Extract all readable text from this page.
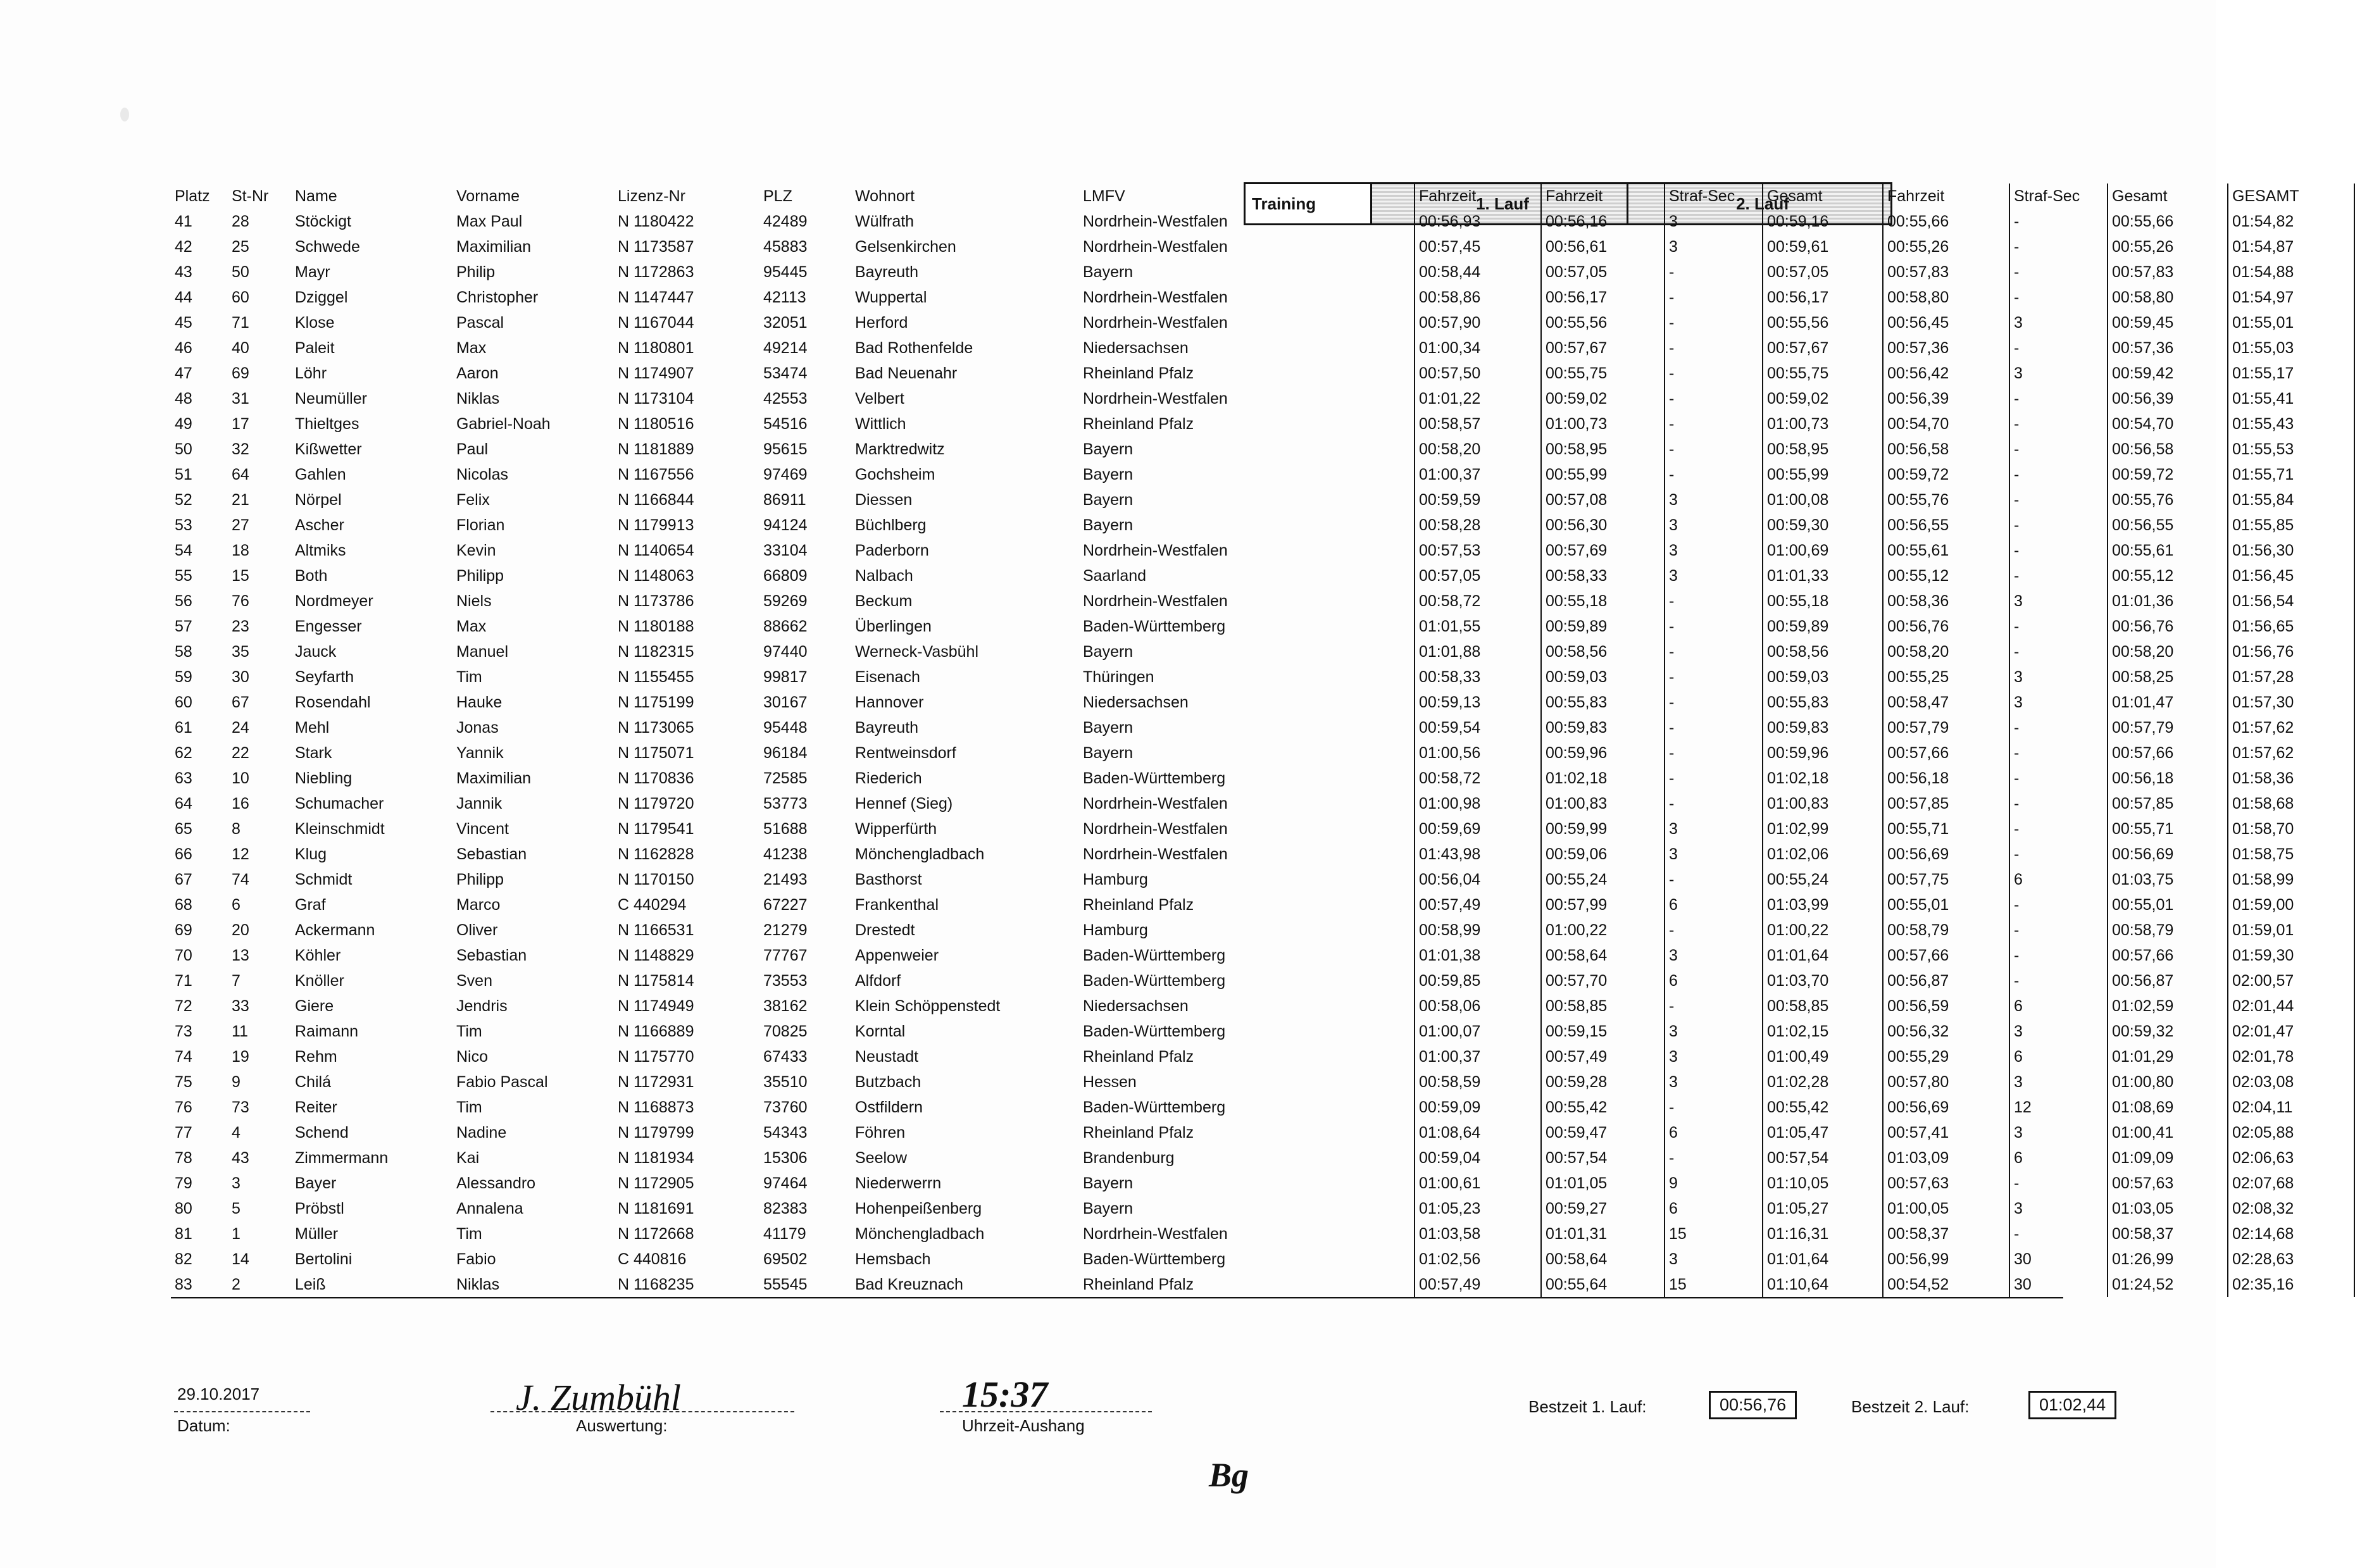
Training	1. Lauf	2. Lauf
Platz	St-Nr	Name	Vorname	Lizenz-Nr	PLZ	Wohnort	LMFV	Fahrzeit	Fahrzeit	Straf-Sec	Gesamt	Fahrzeit	Straf-Sec	Gesamt	GESAMT
41	28	Stöckigt	Max Paul	N 1180422	42489	Wülfrath	Nordrhein-Westfalen	00:56,93	00:56,16	3	00:59,16	00:55,66	-	00:55,66	01:54,82
42	25	Schwede	Maximilian	N 1173587	45883	Gelsenkirchen	Nordrhein-Westfalen	00:57,45	00:56,61	3	00:59,61	00:55,26	-	00:55,26	01:54,87
43	50	Mayr	Philip	N 1172863	95445	Bayreuth	Bayern	00:58,44	00:57,05	-	00:57,05	00:57,83	-	00:57,83	01:54,88
44	60	Dziggel	Christopher	N 1147447	42113	Wuppertal	Nordrhein-Westfalen	00:58,86	00:56,17	-	00:56,17	00:58,80	-	00:58,80	01:54,97
45	71	Klose	Pascal	N 1167044	32051	Herford	Nordrhein-Westfalen	00:57,90	00:55,56	-	00:55,56	00:56,45	3	00:59,45	01:55,01
46	40	Paleit	Max	N 1180801	49214	Bad Rothenfelde	Niedersachsen	01:00,34	00:57,67	-	00:57,67	00:57,36	-	00:57,36	01:55,03
47	69	Löhr	Aaron	N 1174907	53474	Bad Neuenahr	Rheinland Pfalz	00:57,50	00:55,75	-	00:55,75	00:56,42	3	00:59,42	01:55,17
48	31	Neumüller	Niklas	N 1173104	42553	Velbert	Nordrhein-Westfalen	01:01,22	00:59,02	-	00:59,02	00:56,39	-	00:56,39	01:55,41
49	17	Thieltges	Gabriel-Noah	N 1180516	54516	Wittlich	Rheinland Pfalz	00:58,57	01:00,73	-	01:00,73	00:54,70	-	00:54,70	01:55,43
50	32	Kißwetter	Paul	N 1181889	95615	Marktredwitz	Bayern	00:58,20	00:58,95	-	00:58,95	00:56,58	-	00:56,58	01:55,53
51	64	Gahlen	Nicolas	N 1167556	97469	Gochsheim	Bayern	01:00,37	00:55,99	-	00:55,99	00:59,72	-	00:59,72	01:55,71
52	21	Nörpel	Felix	N 1166844	86911	Diessen	Bayern	00:59,59	00:57,08	3	01:00,08	00:55,76	-	00:55,76	01:55,84
53	27	Ascher	Florian	N 1179913	94124	Büchlberg	Bayern	00:58,28	00:56,30	3	00:59,30	00:56,55	-	00:56,55	01:55,85
54	18	Altmiks	Kevin	N 1140654	33104	Paderborn	Nordrhein-Westfalen	00:57,53	00:57,69	3	01:00,69	00:55,61	-	00:55,61	01:56,30
55	15	Both	Philipp	N 1148063	66809	Nalbach	Saarland	00:57,05	00:58,33	3	01:01,33	00:55,12	-	00:55,12	01:56,45
56	76	Nordmeyer	Niels	N 1173786	59269	Beckum	Nordrhein-Westfalen	00:58,72	00:55,18	-	00:55,18	00:58,36	3	01:01,36	01:56,54
57	23	Engesser	Max	N 1180188	88662	Überlingen	Baden-Württemberg	01:01,55	00:59,89	-	00:59,89	00:56,76	-	00:56,76	01:56,65
58	35	Jauck	Manuel	N 1182315	97440	Werneck-Vasbühl	Bayern	01:01,88	00:58,56	-	00:58,56	00:58,20	-	00:58,20	01:56,76
59	30	Seyfarth	Tim	N 1155455	99817	Eisenach	Thüringen	00:58,33	00:59,03	-	00:59,03	00:55,25	3	00:58,25	01:57,28
60	67	Rosendahl	Hauke	N 1175199	30167	Hannover	Niedersachsen	00:59,13	00:55,83	-	00:55,83	00:58,47	3	01:01,47	01:57,30
61	24	Mehl	Jonas	N 1173065	95448	Bayreuth	Bayern	00:59,54	00:59,83	-	00:59,83	00:57,79	-	00:57,79	01:57,62
62	22	Stark	Yannik	N 1175071	96184	Rentweinsdorf	Bayern	01:00,56	00:59,96	-	00:59,96	00:57,66	-	00:57,66	01:57,62
63	10	Niebling	Maximilian	N 1170836	72585	Riederich	Baden-Württemberg	00:58,72	01:02,18	-	01:02,18	00:56,18	-	00:56,18	01:58,36
64	16	Schumacher	Jannik	N 1179720	53773	Hennef (Sieg)	Nordrhein-Westfalen	01:00,98	01:00,83	-	01:00,83	00:57,85	-	00:57,85	01:58,68
65	8	Kleinschmidt	Vincent	N 1179541	51688	Wipperfürth	Nordrhein-Westfalen	00:59,69	00:59,99	3	01:02,99	00:55,71	-	00:55,71	01:58,70
66	12	Klug	Sebastian	N 1162828	41238	Mönchengladbach	Nordrhein-Westfalen	01:43,98	00:59,06	3	01:02,06	00:56,69	-	00:56,69	01:58,75
67	74	Schmidt	Philipp	N 1170150	21493	Basthorst	Hamburg	00:56,04	00:55,24	-	00:55,24	00:57,75	6	01:03,75	01:58,99
68	6	Graf	Marco	C 440294	67227	Frankenthal	Rheinland Pfalz	00:57,49	00:57,99	6	01:03,99	00:55,01	-	00:55,01	01:59,00
69	20	Ackermann	Oliver	N 1166531	21279	Drestedt	Hamburg	00:58,99	01:00,22	-	01:00,22	00:58,79	-	00:58,79	01:59,01
70	13	Köhler	Sebastian	N 1148829	77767	Appenweier	Baden-Württemberg	01:01,38	00:58,64	3	01:01,64	00:57,66	-	00:57,66	01:59,30
71	7	Knöller	Sven	N 1175814	73553	Alfdorf	Baden-Württemberg	00:59,85	00:57,70	6	01:03,70	00:56,87	-	00:56,87	02:00,57
72	33	Giere	Jendris	N 1174949	38162	Klein Schöppenstedt	Niedersachsen	00:58,06	00:58,85	-	00:58,85	00:56,59	6	01:02,59	02:01,44
73	11	Raimann	Tim	N 1166889	70825	Korntal	Baden-Württemberg	01:00,07	00:59,15	3	01:02,15	00:56,32	3	00:59,32	02:01,47
74	19	Rehm	Nico	N 1175770	67433	Neustadt	Rheinland Pfalz	01:00,37	00:57,49	3	01:00,49	00:55,29	6	01:01,29	02:01,78
75	9	Chilá	Fabio Pascal	N 1172931	35510	Butzbach	Hessen	00:58,59	00:59,28	3	01:02,28	00:57,80	3	01:00,80	02:03,08
76	73	Reiter	Tim	N 1168873	73760	Ostfildern	Baden-Württemberg	00:59,09	00:55,42	-	00:55,42	00:56,69	12	01:08,69	02:04,11
77	4	Schend	Nadine	N 1179799	54343	Föhren	Rheinland Pfalz	01:08,64	00:59,47	6	01:05,47	00:57,41	3	01:00,41	02:05,88
78	43	Zimmermann	Kai	N 1181934	15306	Seelow	Brandenburg	00:59,04	00:57,54	-	00:57,54	01:03,09	6	01:09,09	02:06,63
79	3	Bayer	Alessandro	N 1172905	97464	Niederwerrn	Bayern	01:00,61	01:01,05	9	01:10,05	00:57,63	-	00:57,63	02:07,68
80	5	Pröbstl	Annalena	N 1181691	82383	Hohenpeißenberg	Bayern	01:05,23	00:59,27	6	01:05,27	01:00,05	3	01:03,05	02:08,32
81	1	Müller	Tim	N 1172668	41179	Mönchengladbach	Nordrhein-Westfalen	01:03,58	01:01,31	15	01:16,31	00:58,37	-	00:58,37	02:14,68
82	14	Bertolini	Fabio	C 440816	69502	Hemsbach	Baden-Württemberg	01:02,56	00:58,64	3	01:01,64	00:56,99	30	01:26,99	02:28,63
83	2	Leiß	Niklas	N 1168235	55545	Bad Kreuznach	Rheinland Pfalz	00:57,49	00:55,64	15	01:10,64	00:54,52	30	01:24,52	02:35,16
29.10.2017
Datum:
J. Zumbühl
Auswertung:
15:37
Uhrzeit-Aushang
Bg
Bestzeit 1. Lauf:	00:56,76	Bestzeit 2. Lauf:	01:02,44
